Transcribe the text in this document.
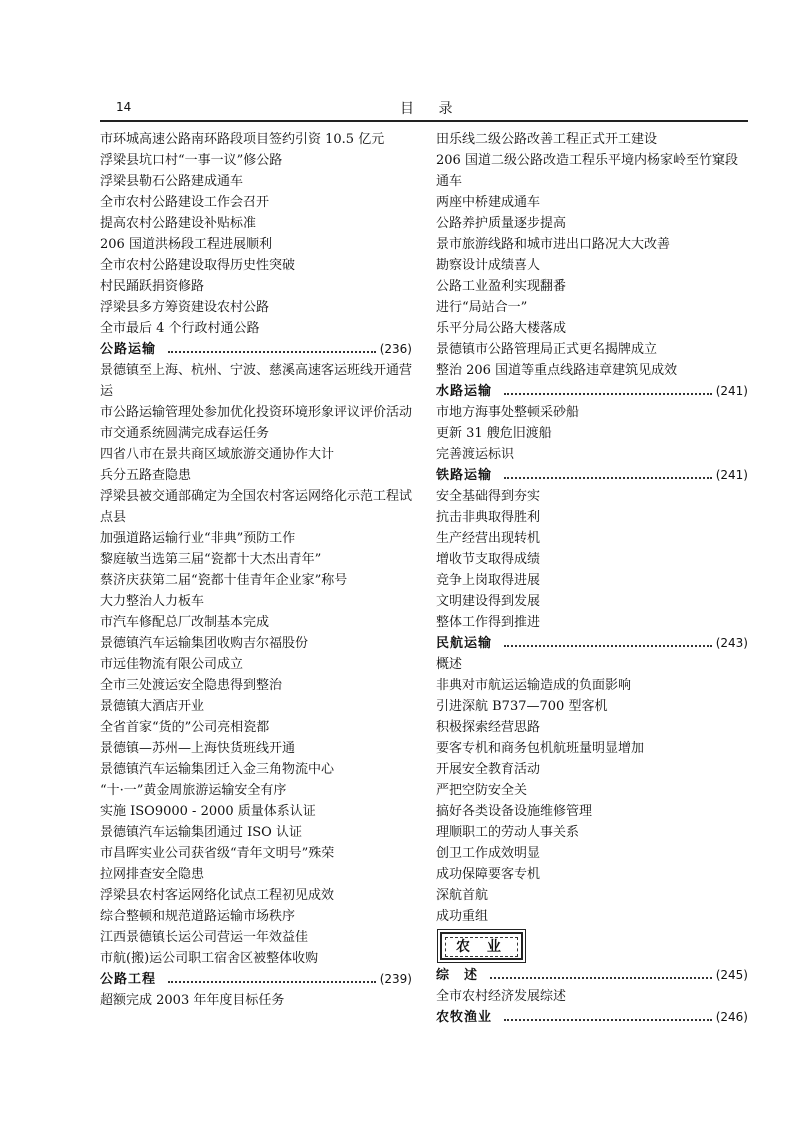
14	目 录
市环城高速公路南环路段项目签约引资 10.5 亿元
浮梁县坑口村“一事一议”修公路
浮梁县勒石公路建成通车
全市农村公路建设工作会召开
提高农村公路建设补贴标准
206 国道洪杨段工程进展顺利
全市农村公路建设取得历史性突破
村民踊跃捐资修路
浮梁县多方筹资建设农村公路
全市最后 4 个行政村通公路
公路运输	(236)
景德镇至上海、杭州、宁波、慈溪高速客运班线开通营运
市公路运输管理处参加优化投资环境形象评议评价活动
市交通系统圆满完成春运任务
四省八市在景共商区域旅游交通协作大计
兵分五路查隐患
浮梁县被交通部确定为全国农村客运网络化示范工程试点县
加强道路运输行业“非典”预防工作
黎庭敏当选第三届“瓷都十大杰出青年”
蔡济庆获第二届“瓷都十佳青年企业家”称号
大力整治人力板车
市汽车修配总厂改制基本完成
景德镇汽车运输集团收购吉尔福股份
市远佳物流有限公司成立
全市三处渡运安全隐患得到整治
景德镇大酒店开业
全省首家“货的”公司亮相瓷都
景德镇—苏州—上海快货班线开通
景德镇汽车运输集团迁入金三角物流中心
“十·一”黄金周旅游运输安全有序
实施 ISO9000 - 2000 质量体系认证
景德镇汽车运输集团通过 ISO 认证
市昌晖实业公司获省级“青年文明号”殊荣
拉网排查安全隐患
浮梁县农村客运网络化试点工程初见成效
综合整顿和规范道路运输市场秩序
江西景德镇长运公司营运一年效益佳
市航(搬)运公司职工宿舍区被整体收购
公路工程	(239)
超额完成 2003 年年度目标任务
田乐线二级公路改善工程正式开工建设
206 国道二级公路改造工程乐平境内杨家岭至竹窠段通车
两座中桥建成通车
公路养护质量逐步提高
景市旅游线路和城市进出口路况大大改善
勘察设计成绩喜人
公路工业盈利实现翻番
进行“局站合一”
乐平分局公路大楼落成
景德镇市公路管理局正式更名揭牌成立
整治 206 国道等重点线路违章建筑见成效
水路运输	(241)
市地方海事处整顿采砂船
更新 31 艘危旧渡船
完善渡运标识
铁路运输	(241)
安全基础得到夯实
抗击非典取得胜利
生产经营出现转机
增收节支取得成绩
竞争上岗取得进展
文明建设得到发展
整体工作得到推进
民航运输	(243)
概述
非典对市航运运输造成的负面影响
引进深航 B737—700 型客机
积极探索经营思路
要客专机和商务包机航班量明显增加
开展安全教育活动
严把空防安全关
搞好各类设备设施维修管理
理顺职工的劳动人事关系
创卫工作成效明显
成功保障要客专机
深航首航
成功重组
农 业
综　述	(245)
全市农村经济发展综述
农牧渔业	(246)
